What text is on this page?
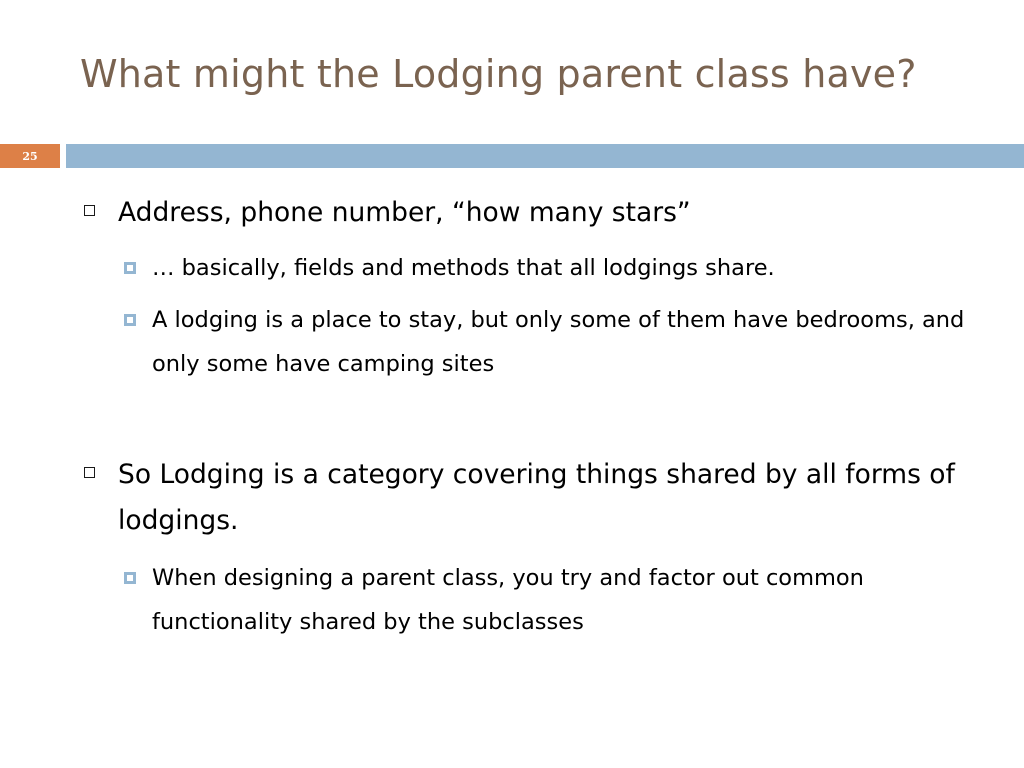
What might the Lodging parent class have?
25
Address, phone number, “how many stars”
… basically, fields and methods that all lodgings share.
A lodging is a place to stay, but only some of them have bedrooms, and only some have camping sites
So Lodging is a category covering things shared by all forms of lodgings.
When designing a parent class, you try and factor out common functionality shared by the subclasses
